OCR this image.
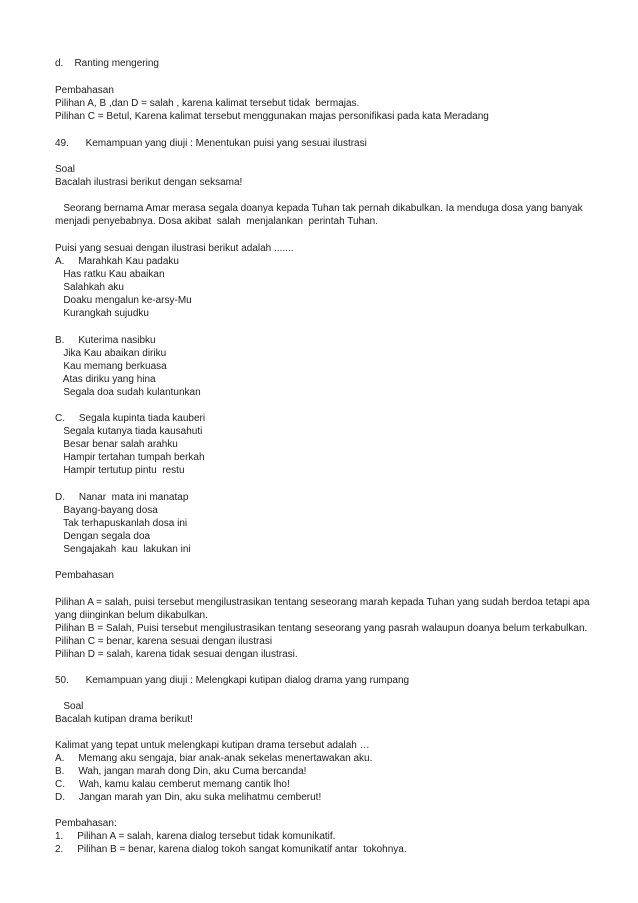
d.    Ranting mengering
Pembahasan
Pilihan A, B ,dan D = salah , karena kalimat tersebut tidak  bermajas.
Pilihan C = Betul, Karena kalimat tersebut menggunakan majas personifikasi pada kata Meradang
49.      Kemampuan yang diuji : Menentukan puisi yang sesuai ilustrasi
Soal
Bacalah ilustrasi berikut dengan seksama!
Seorang bernama Amar merasa segala doanya kepada Tuhan tak pernah dikabulkan. Ia menduga dosa yang banyak
menjadi penyebabnya. Dosa akibat  salah  menjalankan  perintah Tuhan.
Puisi yang sesuai dengan ilustrasi berikut adalah .......
A.     Marahkah Kau padaku
Has ratku Kau abaikan
Salahkah aku
Doaku mengalun ke-arsy-Mu
Kurangkah sujudku
B.     Kuterima nasibku
Jika Kau abaikan diriku
Kau memang berkuasa
Atas diriku yang hina
Segala doa sudah kulantunkan
C.     Segala kupinta tiada kauberi
Segala kutanya tiada kausahuti
Besar benar salah arahku
Hampir tertahan tumpah berkah
Hampir tertutup pintu  restu
D.     Nanar  mata ini manatap
Bayang-bayang dosa
Tak terhapuskanlah dosa ini
Dengan segala doa
Sengajakah  kau  lakukan ini
Pembahasan
Pilihan A = salah, puisi tersebut mengilustrasikan tentang seseorang marah kepada Tuhan yang sudah berdoa tetapi apa
yang diinginkan belum dikabulkan.
Pilihan B = Salah, Puisi tersebut mengilustrasikan tentang seseorang yang pasrah walaupun doanya belum terkabulkan.
Pilihan C = benar, karena sesuai dengan ilustrasi
Pilihan D = salah, karena tidak sesuai dengan ilustrasi.
50.      Kemampuan yang diuji : Melengkapi kutipan dialog drama yang rumpang
Soal
Bacalah kutipan drama berikut!
Kalimat yang tepat untuk melengkapi kutipan drama tersebut adalah …
A.     Memang aku sengaja, biar anak-anak sekelas menertawakan aku.
B.     Wah, jangan marah dong Din, aku Cuma bercanda!
C.     Wah, kamu kalau cemberut memang cantik lho!
D.     Jangan marah yan Din, aku suka melihatmu cemberut!
Pembahasan:
1.     Pilihan A = salah, karena dialog tersebut tidak komunikatif.
2.     Pilihan B = benar, karena dialog tokoh sangat komunikatif antar  tokohnya.
